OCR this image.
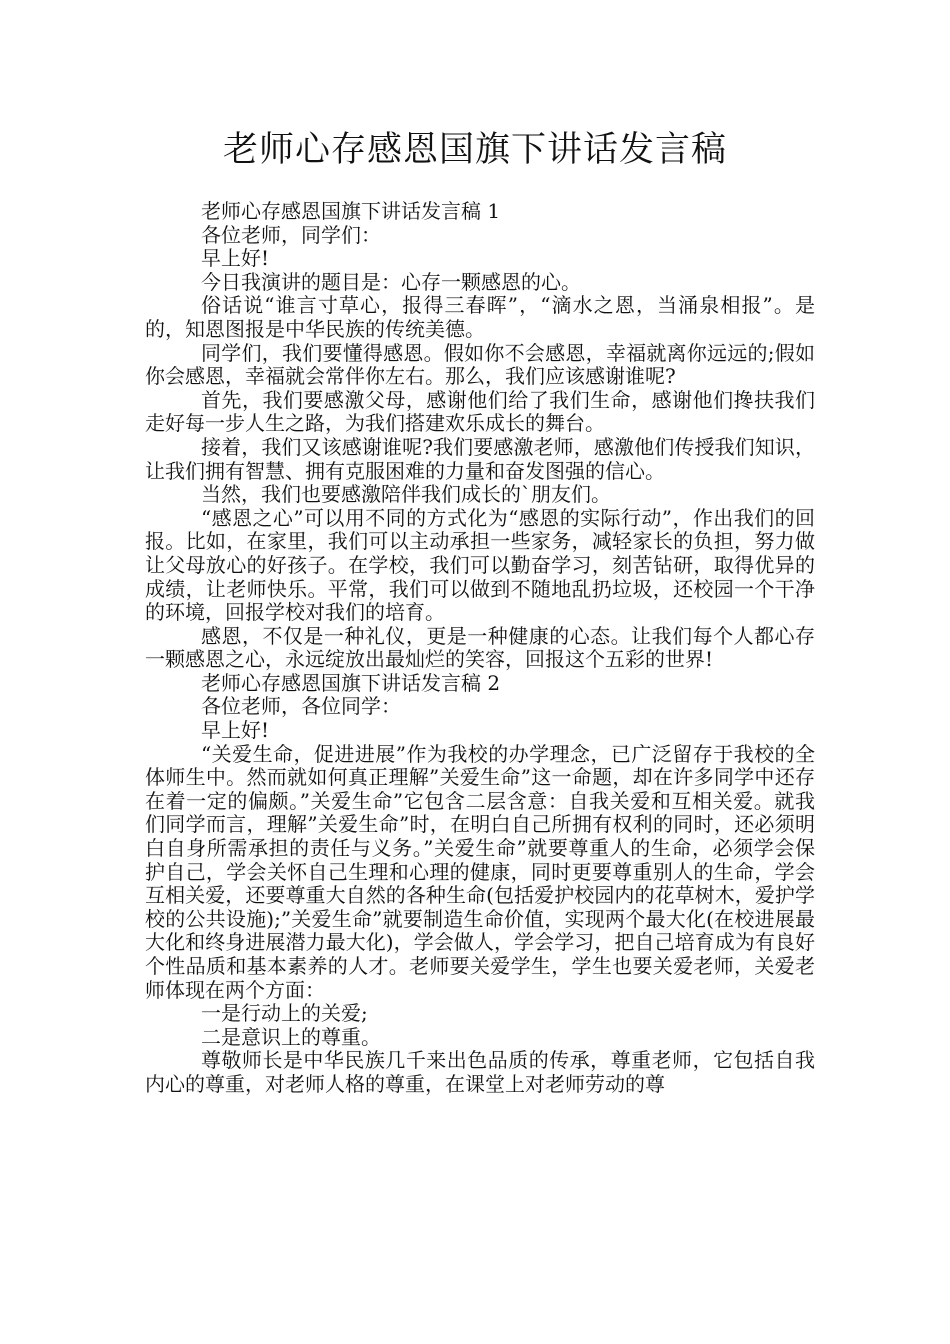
老师心存感恩国旗下讲话发言稿

老师心存感恩国旗下讲话发言稿 1

各位老师，同学们：

早上好!

今日我演讲的题目是：心存一颗感恩的心。

俗话说“谁言寸草心，报得三春晖”，“滴水之恩，当涌泉相报”。是的，知恩图报是中华民族的传统美德。

同学们，我们要懂得感恩。假如你不会感恩，幸福就离你远远的;假如你会感恩，幸福就会常伴你左右。那么，我们应该感谢谁呢?

首先，我们要感激父母，感谢他们给了我们生命，感谢他们搀扶我们走好每一步人生之路，为我们搭建欢乐成长的舞台。

接着，我们又该感谢谁呢?我们要感激老师，感激他们传授我们知识，让我们拥有智慧、拥有克服困难的力量和奋发图强的信心。

当然，我们也要感激陪伴我们成长的`朋友们。

“感恩之心”可以用不同的方式化为“感恩的实际行动”，作出我们的回报。比如，在家里，我们可以主动承担一些家务，减轻家长的负担，努力做让父母放心的好孩子。在学校，我们可以勤奋学习，刻苦钻研，取得优异的成绩，让老师快乐。平常，我们可以做到不随地乱扔垃圾，还校园一个干净的环境，回报学校对我们的培育。

感恩，不仅是一种礼仪，更是一种健康的心态。让我们每个人都心存一颗感恩之心，永远绽放出最灿烂的笑容，回报这个五彩的世界!

老师心存感恩国旗下讲话发言稿 2

各位老师，各位同学：

早上好!

“关爱生命，促进进展”作为我校的办学理念，已广泛留存于我校的全体师生中。然而就如何真正理解”关爱生命”这一命题，却在许多同学中还存在着一定的偏颇。”关爱生命”它包含二层含意：自我关爱和互相关爱。就我们同学而言，理解”关爱生命”时，在明白自己所拥有权利的同时，还必须明白自身所需承担的责任与义务。”关爱生命”就要尊重人的生命，必须学会保护自己，学会关怀自己生理和心理的健康，同时更要尊重别人的生命，学会互相关爱，还要尊重大自然的各种生命(包括爱护校园内的花草树木，爱护学校的公共设施);”关爱生命”就要制造生命价值，实现两个最大化(在校进展最大化和终身进展潜力最大化)，学会做人，学会学习，把自己培育成为有良好个性品质和基本素养的人才。老师要关爱学生，学生也要关爱老师，关爱老师体现在两个方面：

一是行动上的关爱;

二是意识上的尊重。

尊敬师长是中华民族几千来出色品质的传承，尊重老师，它包括自我内心的尊重，对老师人格的尊重，在课堂上对老师劳动的尊
